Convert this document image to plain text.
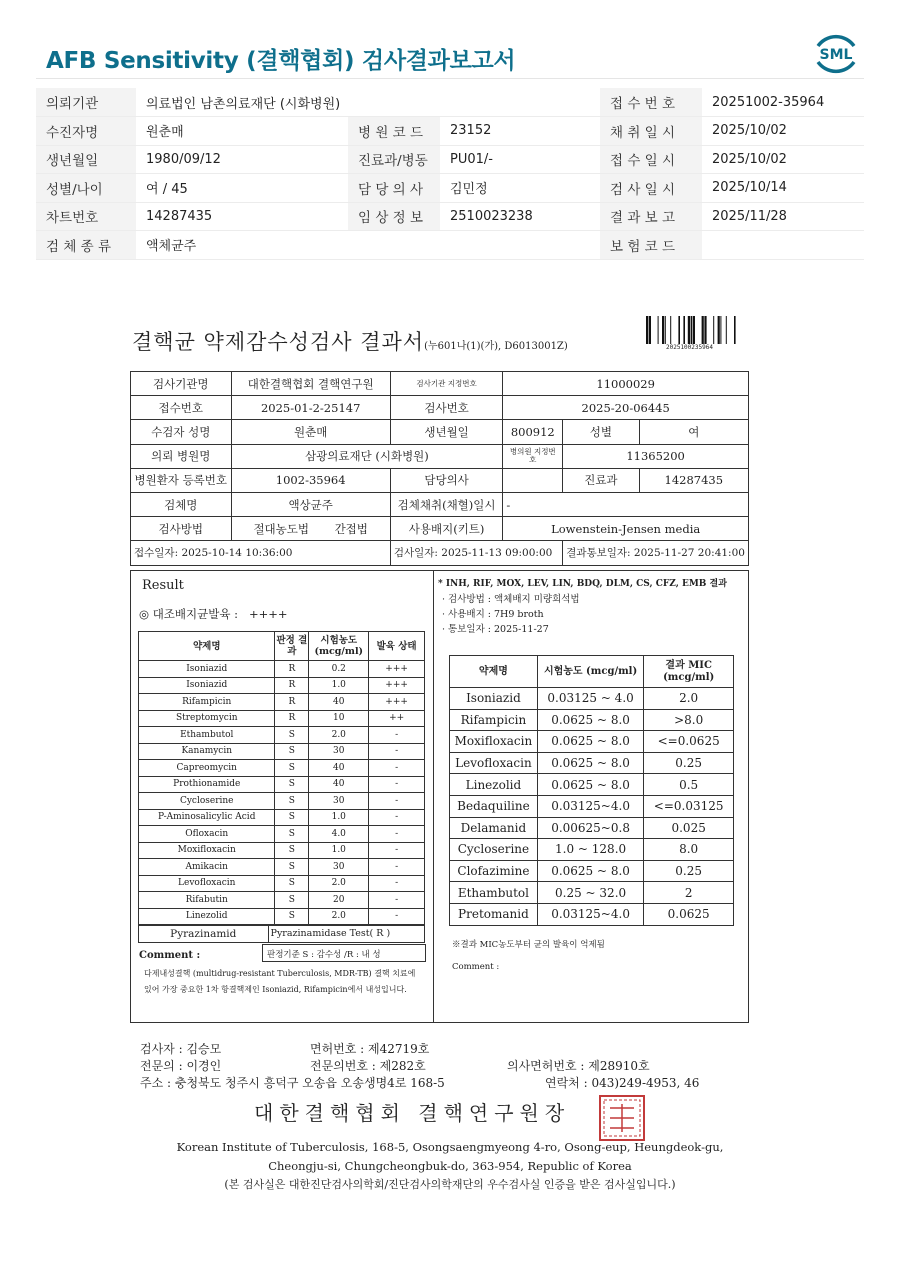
AFB Sensitivity (결핵협회) 검사결과보고서	SML
의뢰기관	의료법인 남촌의료재단 (시화병원)			접 수 번 호	20251002-35964
수진자명	원춘매	병 원 코 드	23152	채 취 일 시	2025/10/02
생년월일	1980/09/12	진료과/병동	PU01/-	접 수 일 시	2025/10/02
성별/나이	여 / 45	담 당 의 사	김민정	검 사 일 시	2025/10/14
차트번호	14287435	임 상 정 보	2510023238	결 과 보 고	2025/11/28
검 체 종 류	액체균주			보 험 코 드	
결핵균 약제감수성검사 결과서(누601나(1)(가), D6013001Z)	2025100235964
검사기관명	대한결핵협회 결핵연구원	검사기관 지정번호	11000029		
접수번호	2025-01-2-25147	검사번호	2025-20-06445		
수검자 성명	원춘매	생년월일	800912	성별	여
의뢰 병원명	삼광의료재단 (시화병원)		병의원 지정번호	11365200	
병원환자 등록번호	1002-35964	담당의사		진료과	14287435
검체명	액상균주	검체채취(채혈)일시	-		
검사방법	절대농도법 간접법	사용배지(키트)	Lowenstein-Jensen media		
접수일자: 2025-10-14 10:36:00		검사일자: 2025-11-13 09:00:00		결과통보일자: 2025-11-27 20:41:00	
Result
◎ 대조배지균발육 : ++++
약제명	판정 결과	시험농도 (mcg/ml)	발육 상태
Isoniazid	R	0.2	+++
Isoniazid	R	1.0	+++
Rifampicin	R	40	+++
Streptomycin	R	10	++
Ethambutol	S	2.0	-
Kanamycin	S	30	-
Capreomycin	S	40	-
Prothionamide	S	40	-
Cycloserine	S	30	-
P-Aminosalicylic Acid	S	1.0	-
Ofloxacin	S	4.0	-
Moxifloxacin	S	1.0	-
Amikacin	S	30	-
Levofloxacin	S	2.0	-
Rifabutin	S	20	-
Linezolid	S	2.0	-
Pyrazinamid	Pyrazinamidase Test( R )
Comment :	판정기준 S : 감수성 /R : 내 성
다제내성결핵 (multidrug-resistant Tuberculosis, MDR-TB) 결핵 치료에 있어 가장 중요한 1차 항결핵제인 Isoniazid, Rifampicin에서 내성입니다.
* INH, RIF, MOX, LEV, LIN, BDQ, DLM, CS, CFZ, EMB 결과
· 검사방법 : 액체배지 미량희석법
· 사용배지 : 7H9 broth
· 통보일자 : 2025-11-27
약제명	시험농도 (mcg/ml)	결과 MIC (mcg/ml)
Isoniazid	0.03125 ~ 4.0	2.0
Rifampicin	0.0625 ~ 8.0	>8.0
Moxifloxacin	0.0625 ~ 8.0	<=0.0625
Levofloxacin	0.0625 ~ 8.0	0.25
Linezolid	0.0625 ~ 8.0	0.5
Bedaquiline	0.03125~4.0	<=0.03125
Delamanid	0.00625~0.8	0.025
Cycloserine	1.0 ~ 128.0	8.0
Clofazimine	0.0625 ~ 8.0	0.25
Ethambutol	0.25 ~ 32.0	2
Pretomanid	0.03125~4.0	0.0625
※결과 MIC농도부터 균의 발육이 억제됨
Comment :
검사자 : 김승모	면허번호 : 제42719호
전문의 : 이경인	전문의번호 : 제282호	의사면허번호 : 제28910호
주소 : 충청북도 청주시 흥덕구 오송읍 오송생명4로 168-5	연락처 : 043)249-4953, 46
대한결핵협회 결핵연구원장
Korean Institute of Tuberculosis, 168-5, Osongsaengmyeong 4-ro, Osong-eup, Heungdeok-gu,
Cheongju-si, Chungcheongbuk-do, 363-954, Republic of Korea
(본 검사실은 대한진단검사의학회/진단검사의학재단의 우수검사실 인증을 받은 검사실입니다.)
